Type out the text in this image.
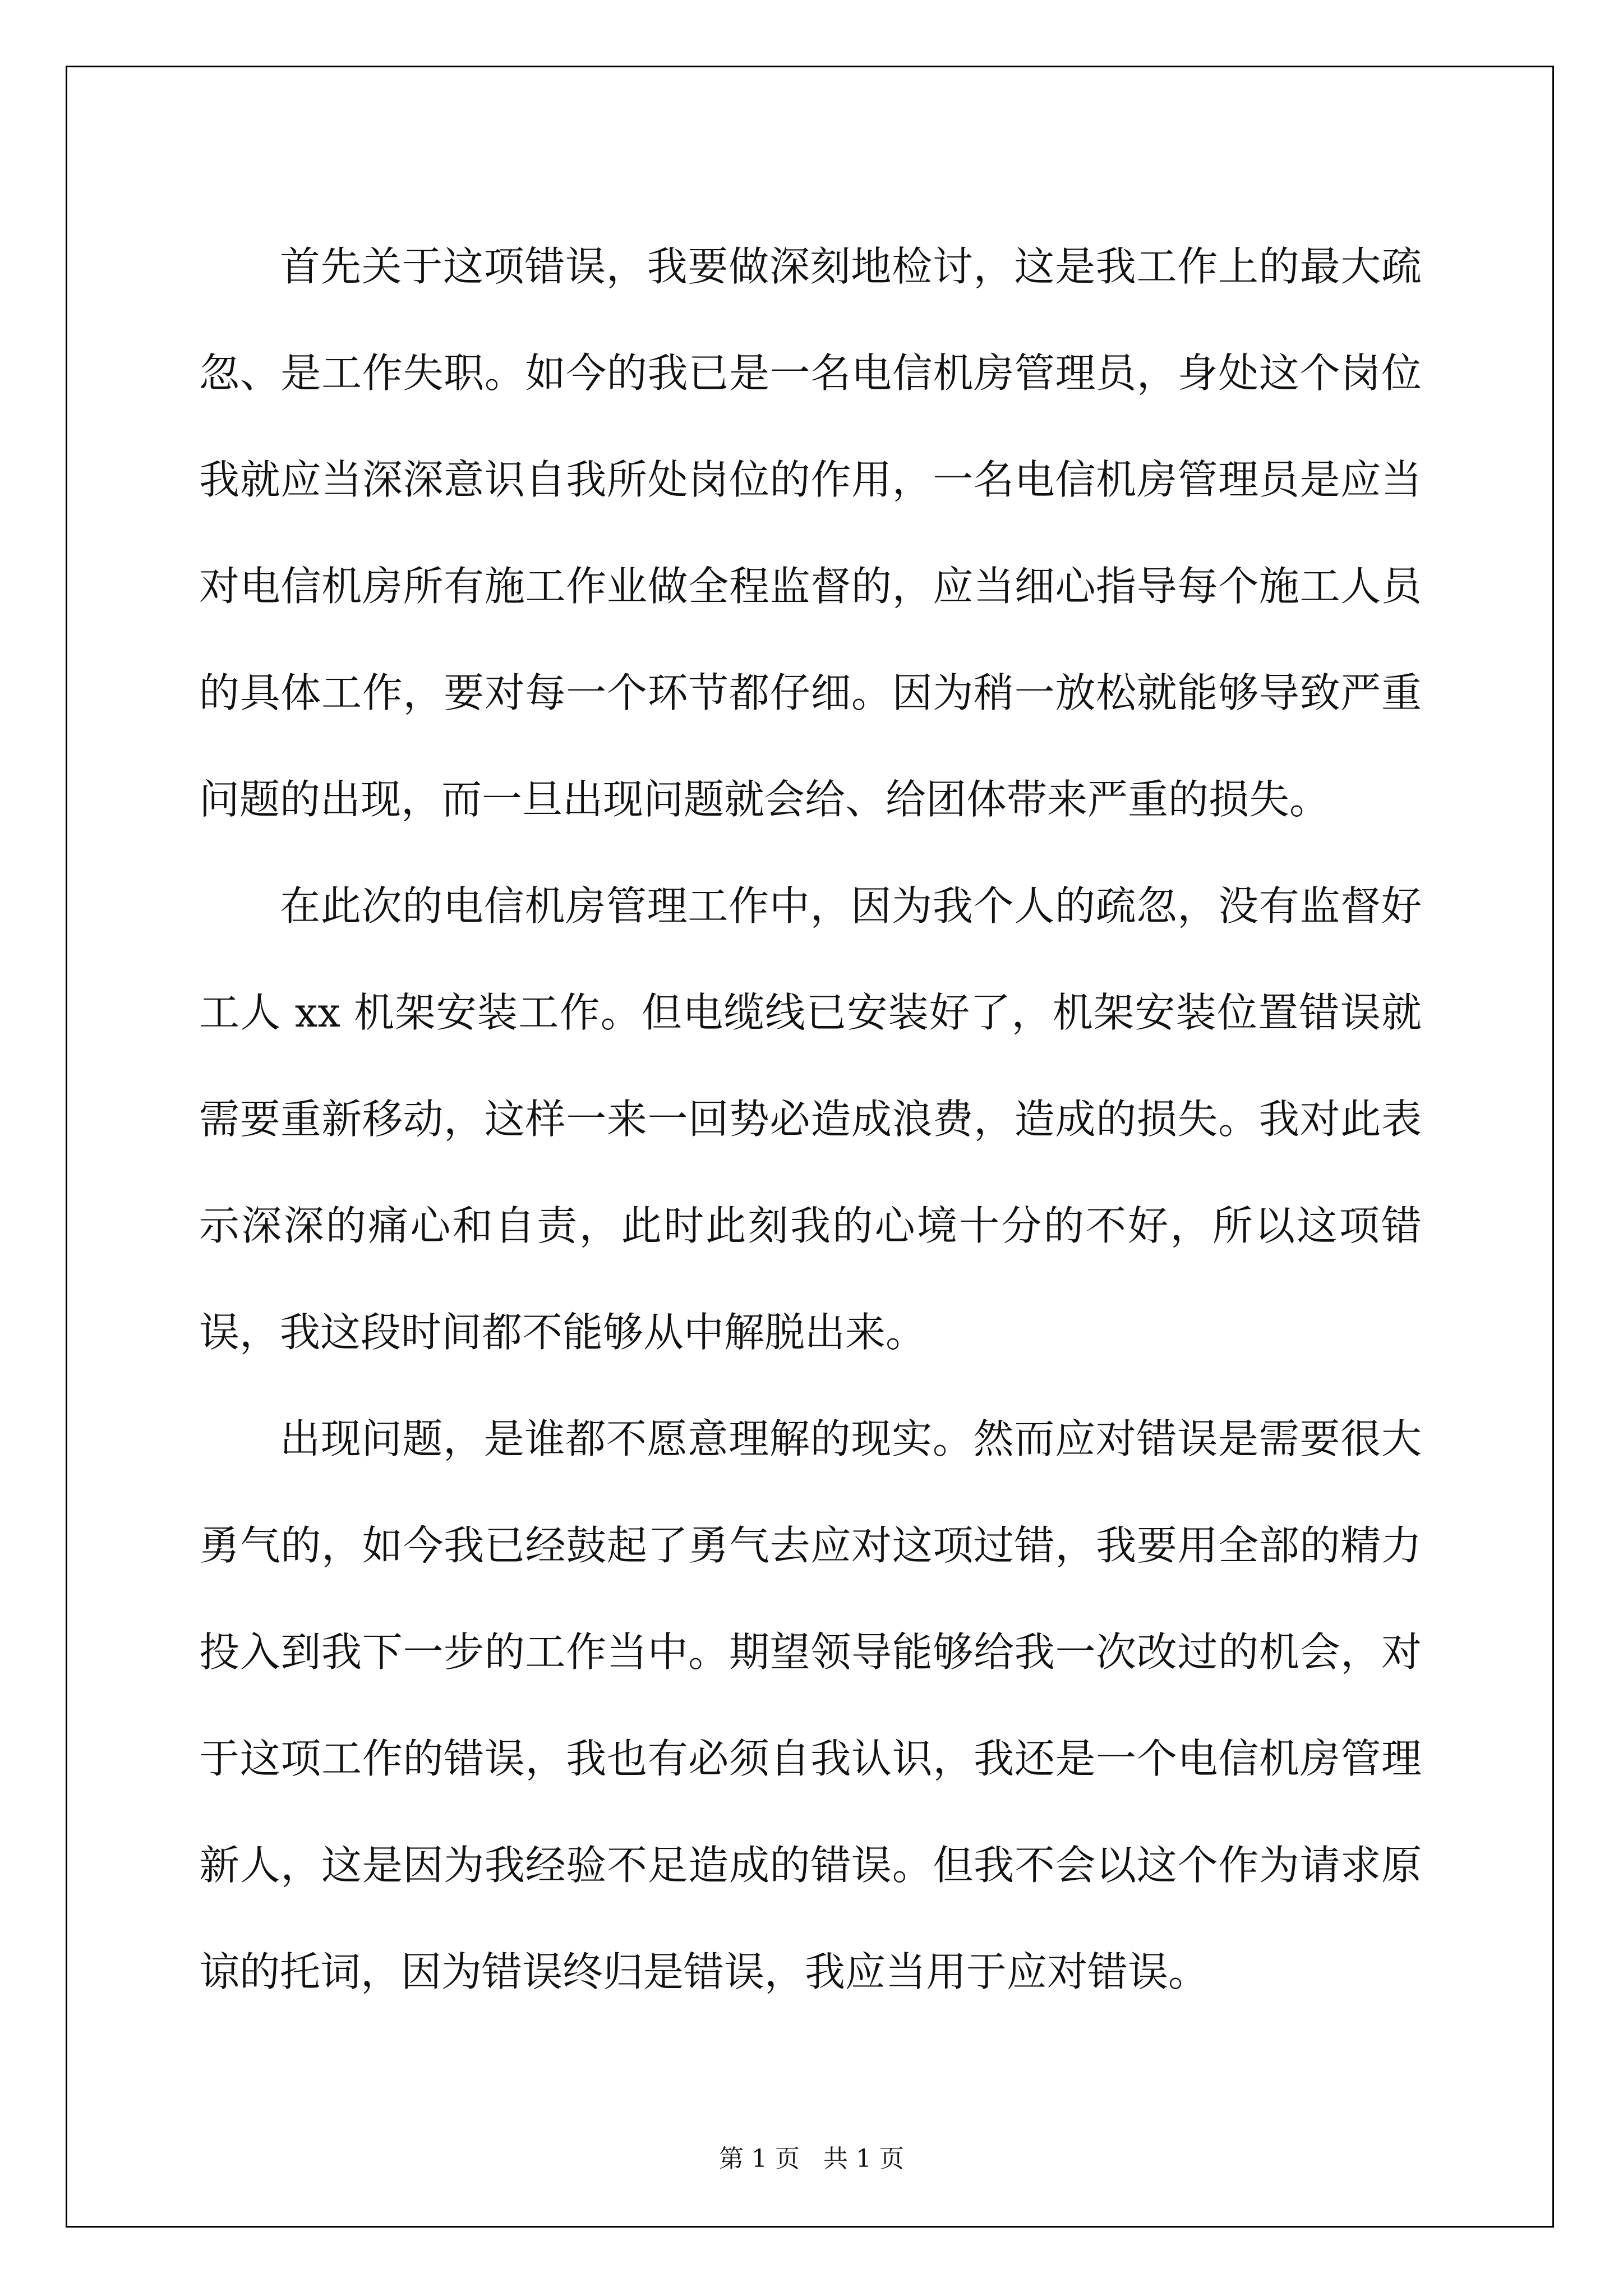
首先关于这项错误，我要做深刻地检讨，这是我工作上的最大疏忽、是工作失职。如今的我已是一名电信机房管理员，身处这个岗位我就应当深深意识自我所处岗位的作用，一名电信机房管理员是应当对电信机房所有施工作业做全程监督的，应当细心指导每个施工人员的具体工作，要对每一个环节都仔细。因为稍一放松就能够导致严重问题的出现，而一旦出现问题就会给、给团体带来严重的损失。

在此次的电信机房管理工作中，因为我个人的疏忽，没有监督好工人 xx 机架安装工作。但电缆线已安装好了，机架安装位置错误就需要重新移动，这样一来一回势必造成浪费，造成的损失。我对此表示深深的痛心和自责，此时此刻我的心境十分的不好，所以这项错误，我这段时间都不能够从中解脱出来。

出现问题，是谁都不愿意理解的现实。然而应对错误是需要很大勇气的，如今我已经鼓起了勇气去应对这项过错，我要用全部的精力投入到我下一步的工作当中。期望领导能够给我一次改过的机会，对于这项工作的错误，我也有必须自我认识，我还是一个电信机房管理新人，这是因为我经验不足造成的错误。但我不会以这个作为请求原谅的托词，因为错误终归是错误，我应当用于应对错误。

第 1 页   共 1 页
